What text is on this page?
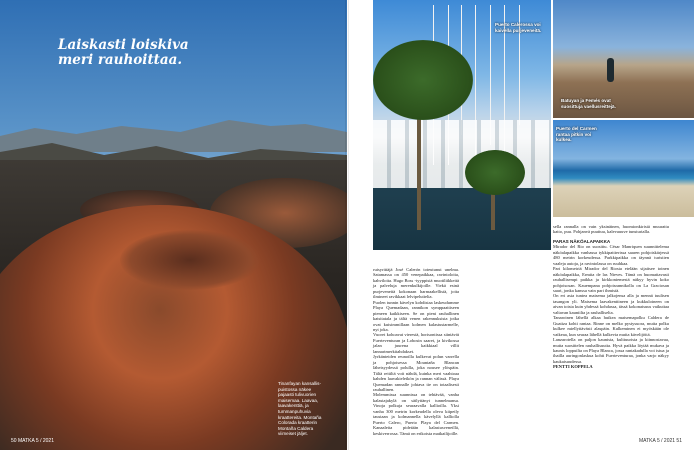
Laiskasti loiskiva meri rauhoittaa.
Tinanfayan kansallis-puistossa näkee pajaasti tulivuorien maisemaa. Laavaa, laavakenttiä, ja tummanpuhuvia kraattereita. Montaña Colorada kraatterin Montaña Caldera viimeiset jäljet.
50 MATKA 5 / 2021
Puerto Calerossa voi kaivella purjeveneitä.
Batuyan ja Femés ovat suosittuja vaellusreittejä.
Puerto del Carmen rantaa pitkin voi kulkea.

ruisyrittäjä José Calerón toteutunut unelma. Satamassa on 450 venepaikkaa, ravintoloita, kahviloita. Hugo Boss -tyyppisiä muotiliikkeitä ja palveluja merenkulkijoille. Viekä esinä purjeveneitä kokonaan harmaakellistä, joita ilmineet ravikkaat lelvipeluttelia.

Puolen tunnin kävelyn kohdistaa laskeudumme Playa Quemadaan, rannikon symppaattiseen pieneen kaikkiseen. Se on pieni rauhallinen katsitatala ja tältä venen rakennuksista jotka ovat kuisimmillaan kolmen kalastustarmelle, nyt joka.

Vuoret kohoavat vierestä, horisontissa siintävät Fuerteventuran ja Lobosin saaret, ja kivikossa jalan juurena kaikkiaal villit lannarimerkitahdakset.

Jyrkänteiden reunoilla kulkevat polun varrella ja pohjoisessa Mountaña Blancan läheisyydessä polulla, joka nousee ylöspäin. Tältä reitiltä voit nähdä, kuinka meri vaahtoaa kahden laavakieleikön ja rannan välissä. Playa Quemadan rannalle johtava tie on totaalisesti rauhallinen.

Molemmissa suunnissa on tehtävää, vanha kalastajakylä on säilyttänyt tunnelmansa. Vinoja polkuja seuraavalla kallioilla. Yksi vanha 300 metrin korkeudella oleva kiipeily taustaan ja kolmannella kävelyllä kalliolla Puerto Calero, Puerto Playa del Carmen. Kanaaleita pidetään kalastusveneillä, keskiverrossa. Tämä on erikoista matkailijoille.

sella rannalla on vain yksinäinen, huomionkiristä muurattu katto, puu. Pohjanvä puuttuu, kalevauuve tunsturialla.

PARAS NÄKÖALAPAIKKA

Mirador del Rio on suosittu. César Manriquen suunnittelema näköalapaikka vanhassa tykkipattterissa saaren pohjoiskärjessä 480 metrin korkeudessa. Parkkipaikka on täynnä turistien vaaleja autoja, ja ravintolassa on ruuhkaa.

Pari kilometriä Mirador del Riosta etelään sijaitsee toinen näköalapaikka, Ermita de las Nieves. Tämä on huomattavasti rauhallisempi paikka ja kirkkoniemestä näkyy hyvin koko pohjoisosan. Kauempana pohjoisrannikolla on La Graciosan saari, jonka kanssa vain pari ihmistä.

On eri asia tuntea maisema jalkojensa alla ja mennä tuulisen tasangon yli. Maisema laavakenttineen ja kukkuloineen on aivan toista kuin yhdessä kohdassa, tässä kokonaisuus vaikuttaa valtavan kauniilta ja rauhalliselta.

Tanaroinen lähellä alkaa huikea maisemapolku Caldera de Guatiza kohti rantaa. Rinne on melko pystysuora, mutta polku kulkee miellyttävästi alaspäin. Kulkeminen ei myöskään ole vaikeaa, kun seuraa lähellä kulkevia muita kävelijöitä.

Lanzarotella on paljon kaunista, kulttuurista ja kiinnostavaa, mutta suosittelen rauhallisuutta. Hyvä paikka löytää mukava ja kaunis loppuilta on Playa Blanca, jossa rantakadulla voi istua ja ihailla auringonlaskua kohti Fuerteventuraa, jonka varjo näkyy kaukaisuudessa.

PENTTI KOPPELA

MATKA 5 / 2021 51
